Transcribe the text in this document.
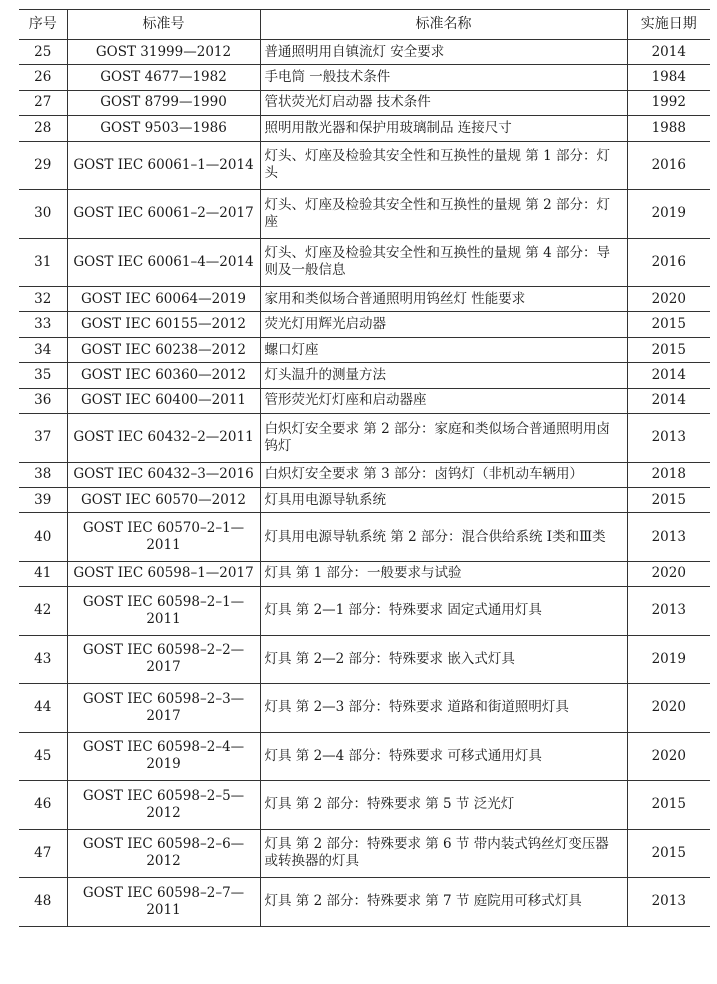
序号	标准号	标准名称	实施日期
25	GOST 31999—2012	普通照明用自镇流灯 安全要求	2014
26	GOST 4677—1982	手电筒 一般技术条件	1984
27	GOST 8799—1990	管状荧光灯启动器 技术条件	1992
28	GOST 9503—1986	照明用散光器和保护用玻璃制品 连接尺寸	1988
29	GOST IEC 60061–1—2014	灯头、灯座及检验其安全性和互换性的量规 第 1 部分：灯头	2016
30	GOST IEC 60061–2—2017	灯头、灯座及检验其安全性和互换性的量规 第 2 部分：灯座	2019
31	GOST IEC 60061–4—2014	灯头、灯座及检验其安全性和互换性的量规 第 4 部分：导则及一般信息	2016
32	GOST IEC 60064—2019	家用和类似场合普通照明用钨丝灯 性能要求	2020
33	GOST IEC 60155—2012	荧光灯用辉光启动器	2015
34	GOST IEC 60238—2012	螺口灯座	2015
35	GOST IEC 60360—2012	灯头温升的测量方法	2014
36	GOST IEC 60400—2011	管形荧光灯灯座和启动器座	2014
37	GOST IEC 60432–2—2011	白炽灯安全要求 第 2 部分：家庭和类似场合普通照明用卤钨灯	2013
38	GOST IEC 60432–3—2016	白炽灯安全要求 第 3 部分：卤钨灯（非机动车辆用）	2018
39	GOST IEC 60570—2012	灯具用电源导轨系统	2015
40	GOST IEC 60570–2–1—2011	灯具用电源导轨系统 第 2 部分：混合供给系统 Ⅰ类和Ⅲ类	2013
41	GOST IEC 60598–1—2017	灯具 第 1 部分：一般要求与试验	2020
42	GOST IEC 60598–2–1—2011	灯具 第 2—1 部分：特殊要求 固定式通用灯具	2013
43	GOST IEC 60598–2–2—2017	灯具 第 2—2 部分：特殊要求 嵌入式灯具	2019
44	GOST IEC 60598–2–3—2017	灯具 第 2—3 部分：特殊要求 道路和街道照明灯具	2020
45	GOST IEC 60598–2–4—2019	灯具 第 2—4 部分：特殊要求 可移式通用灯具	2020
46	GOST IEC 60598–2–5—2012	灯具 第 2 部分：特殊要求 第 5 节 泛光灯	2015
47	GOST IEC 60598–2–6—2012	灯具 第 2 部分：特殊要求 第 6 节 带内装式钨丝灯变压器或转换器的灯具	2015
48	GOST IEC 60598–2–7—2011	灯具 第 2 部分：特殊要求 第 7 节 庭院用可移式灯具	2013
